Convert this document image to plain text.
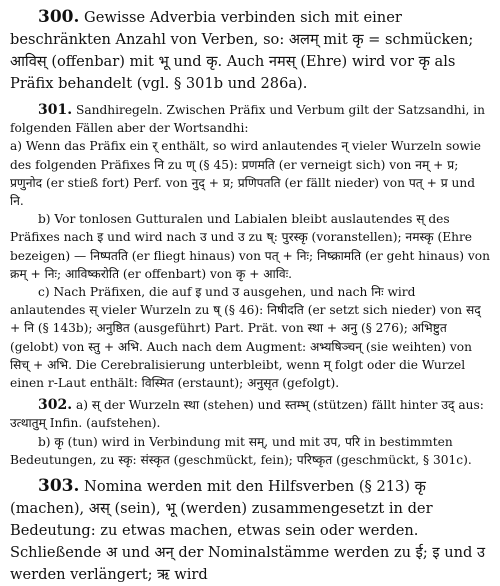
300. Gewisse Adverbia verbinden sich mit einer beschränkten Anzahl von Verben, so: अलम् mit कृ = schmücken; आविस् (offenbar) mit भू und कृ. Auch नमस् (Ehre) wird vor कृ als Präfix behandelt (vgl. § 301b und 286a).

301. Sandhiregeln. Zwischen Präfix und Verbum gilt der Satzsandhi, in folgenden Fällen aber der Wortsandhi:

a) Wenn das Präfix ein र् enthält, so wird anlautendes न् vieler Wurzeln sowie des folgenden Präfixes नि zu ण् (§ 45): प्रणमति (er verneigt sich) von नम् + प्र; प्रणुनोद (er stieß fort) Perf. von नुद् + प्र; प्रणिपतति (er fällt nieder) von पत् + प्र und नि.

b) Vor tonlosen Gutturalen und Labialen bleibt auslautendes स् des Präfixes nach इ und wird nach उ und उ zu ष्: पुरस्कृ (voranstellen); नमस्कृ (Ehre bezeigen) — निष्पतति (er fliegt hinaus) von पत् + निः; निष्क्रामति (er geht hinaus) von क्रम् + निः; आविष्करोति (er offenbart) von कृ + आविः.

c) Nach Präfixen, die auf इ und उ ausgehen, und nach निः wird anlautendes स् vieler Wurzeln zu ष् (§ 46): निषीदति (er setzt sich nieder) von सद् + नि (§ 143b); अनुष्ठित (ausgeführt) Part. Prät. von स्था + अनु (§ 276); अभिष्टुत (gelobt) von स्तु + अभि. Auch nach dem Augment: अभ्यषिञ्चन् (sie weihten) von सिच् + अभि. Die Cerebralisierung unterbleibt, wenn म् folgt oder die Wurzel einen r-Laut enthält: विस्मित (erstaunt); अनुसृत (gefolgt).

302. a) स् der Wurzeln स्था (stehen) und स्तम्भ् (stützen) fällt hinter उद् aus: उत्थातुम् Infin. (aufstehen).

b) कृ (tun) wird in Verbindung mit सम्, und mit उप, परि in bestimmten Bedeutungen, zu स्कृ: संस्कृत (geschmückt, fein); परिष्कृत (geschmückt, § 301c).

303. Nomina werden mit den Hilfsverben (§ 213) कृ (machen), अस् (sein), भू (werden) zusammengesetzt in der Bedeutung: zu etwas machen, etwas sein oder werden. Schließende अ und अन् der Nominalstämme werden zu ई; इ und उ werden verlängert; ऋ wird
